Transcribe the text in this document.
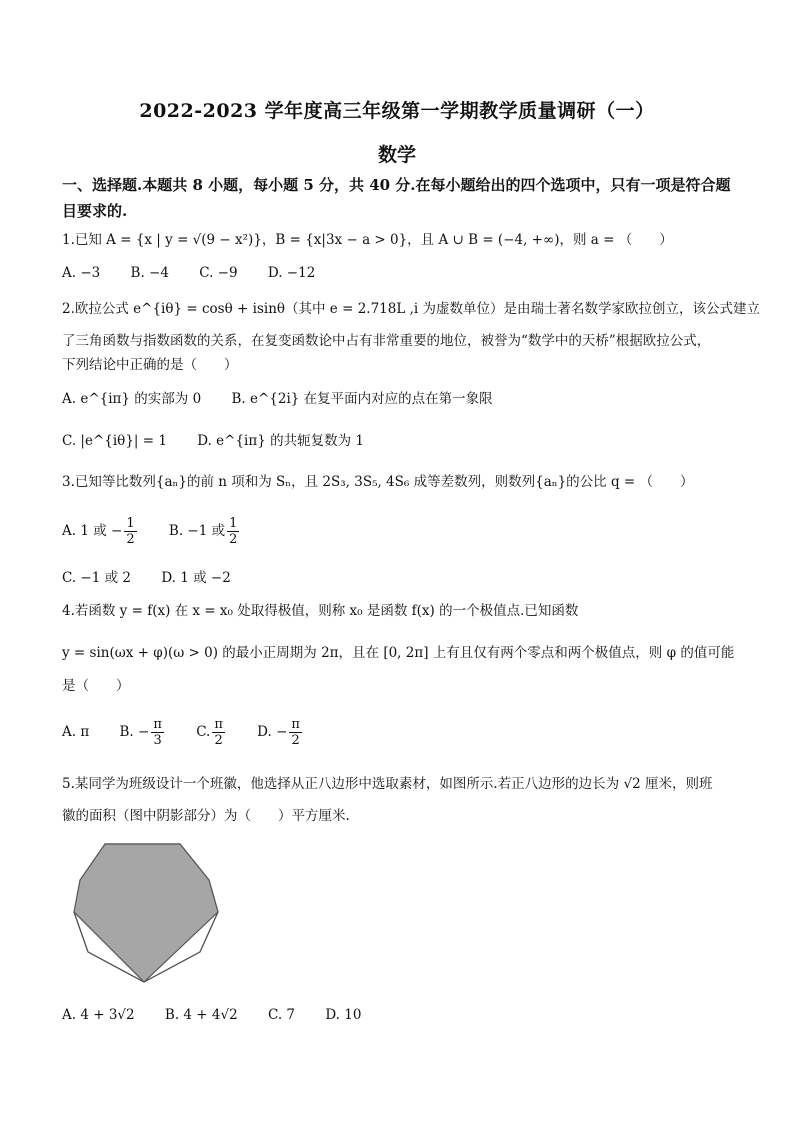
2022-2023 学年度高三年级第一学期教学质量调研（一）
数学
一、选择题.本题共 8 小题，每小题 5 分，共 40 分.在每小题给出的四个选项中，只有一项是符合题目要求的.
1.已知 A = {x | y = √(9 − x²)}，B = {x|3x − a > 0}，且 A ∪ B = (−4, +∞)，则 a = （　　）
A. −3 B. −4 C. −9 D. −12
2.欧拉公式 e^{iθ} = cosθ + isinθ（其中 e = 2.718L ,i 为虚数单位）是由瑞士著名数学家欧拉创立，该公式建立
了三角函数与指数函数的关系，在复变函数论中占有非常重要的地位，被誉为“数学中的天桥”根据欧拉公式，
下列结论中正确的是（　　）
A. e^{iπ} 的实部为 0 B. e^{2i} 在复平面内对应的点在第一象限
C. |e^{iθ}| = 1 D. e^{iπ} 的共轭复数为 1
3.已知等比数列{aₙ}的前 n 项和为 Sₙ，且 2S₃, 3S₅, 4S₆ 成等差数列，则数列{aₙ}的公比 q = （　　）
A. 1 或 − $\frac{1}{2} B$. −1 或 $\frac{1}{2}$
C. −1 或 2 D. 1 或 −2
4.若函数 y = f(x) 在 x = x₀ 处取得极值，则称 x₀ 是函数 f(x) 的一个极值点.已知函数
y = sin(ωx + φ)(ω > 0) 的最小正周期为 2π，且在 [0, 2π] 上有且仅有两个零点和两个极值点，则 φ 的值可能
是（　　）
A. π B. − $\frac{\pi}{3} C$. $\frac{\pi}{2} D$. − $\frac{\pi}{2}$
5.某同学为班级设计一个班徽，他选择从正八边形中选取素材，如图所示.若正八边形的边长为 √2 厘米，则班
徽的面积（图中阴影部分）为（　　）平方厘米.
A. 4 + 3√2 B. 4 + 4√2 C. 7 D. 10
